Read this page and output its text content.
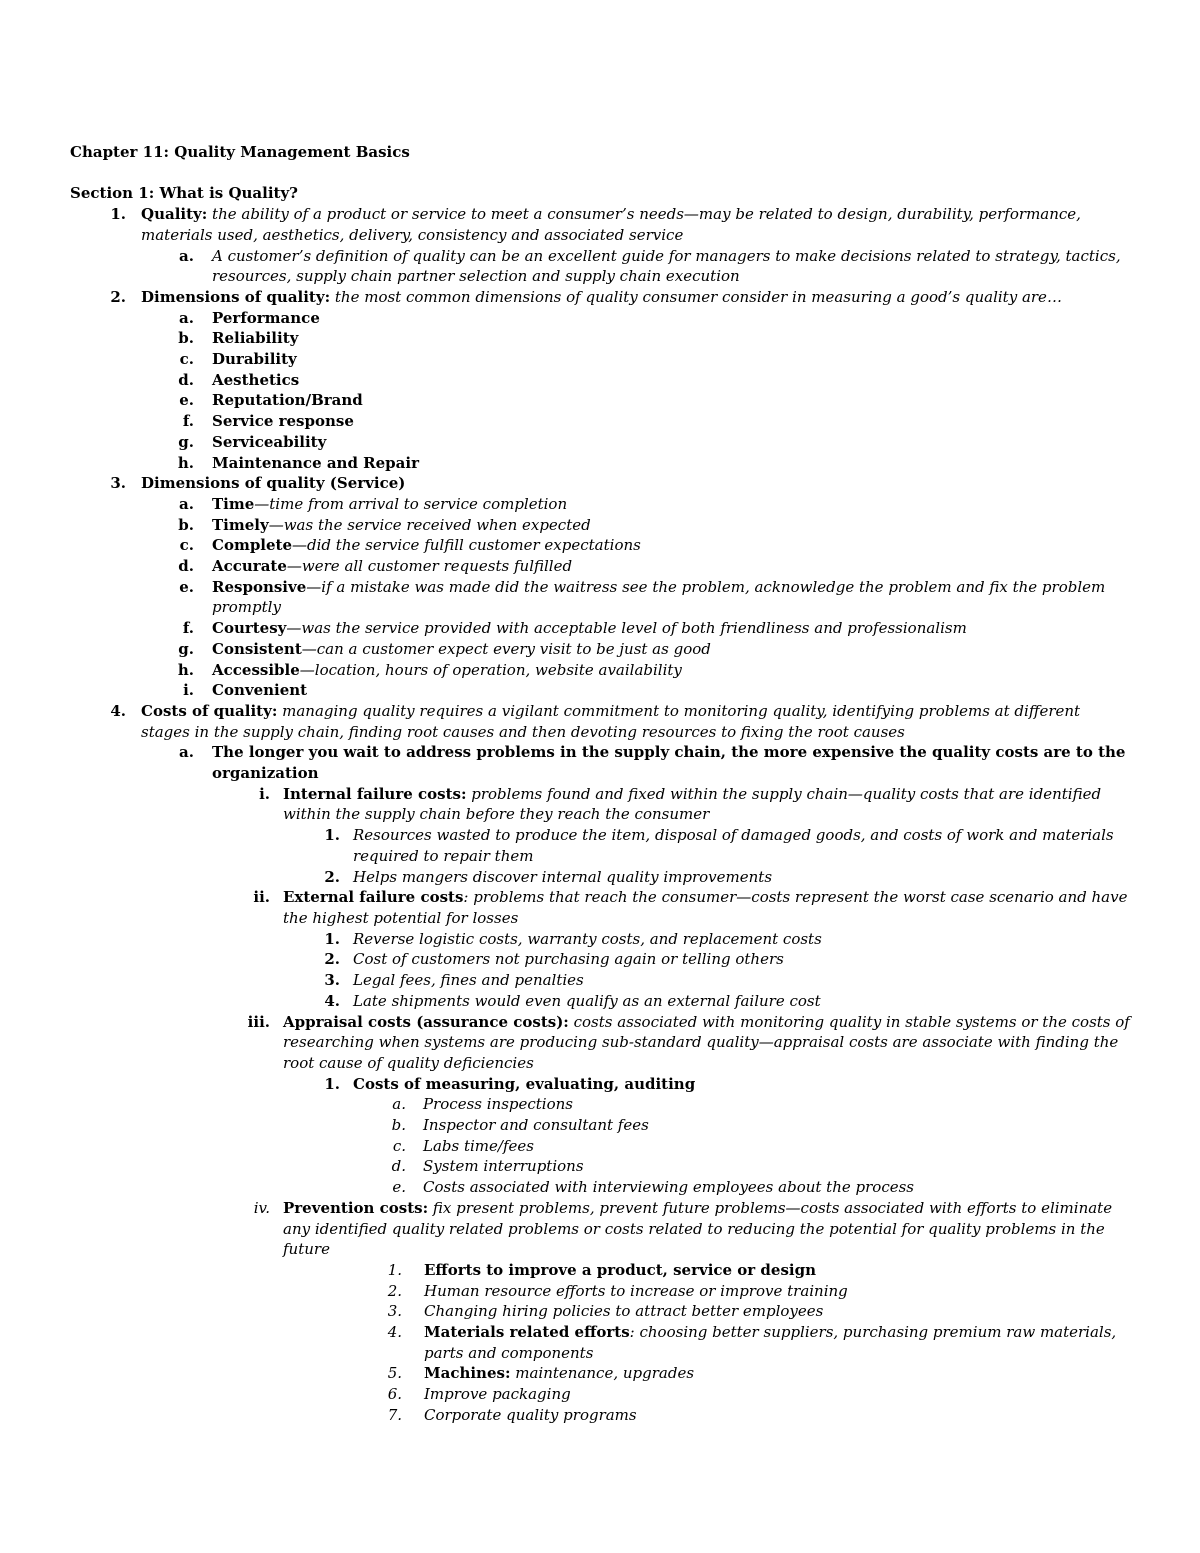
Chapter 11: Quality Management Basics
Section 1: What is Quality?
1. Quality: the ability of a product or service to meet a consumer’s needs—may be related to design, durability, performance, materials used, aesthetics, delivery, consistency and associated service
a. A customer’s definition of quality can be an excellent guide for managers to make decisions related to strategy, tactics, resources, supply chain partner selection and supply chain execution
2. Dimensions of quality: the most common dimensions of quality consumer consider in measuring a good’s quality are…
a. Performance
b. Reliability
c. Durability
d. Aesthetics
e. Reputation/Brand
f. Service response
g. Serviceability
h. Maintenance and Repair
3. Dimensions of quality (Service)
a. Time—time from arrival to service completion
b. Timely—was the service received when expected
c. Complete—did the service fulfill customer expectations
d. Accurate—were all customer requests fulfilled
e. Responsive—if a mistake was made did the waitress see the problem, acknowledge the problem and fix the problem promptly
f. Courtesy—was the service provided with acceptable level of both friendliness and professionalism
g. Consistent—can a customer expect every visit to be just as good
h. Accessible—location, hours of operation, website availability
i. Convenient
4. Costs of quality: managing quality requires a vigilant commitment to monitoring quality, identifying problems at different stages in the supply chain, finding root causes and then devoting resources to fixing the root causes
a. The longer you wait to address problems in the supply chain, the more expensive the quality costs are to the organization
i. Internal failure costs: problems found and fixed within the supply chain—quality costs that are identified within the supply chain before they reach the consumer
1. Resources wasted to produce the item, disposal of damaged goods, and costs of work and materials required to repair them
2. Helps mangers discover internal quality improvements
ii. External failure costs: problems that reach the consumer—costs represent the worst case scenario and have the highest potential for losses
1. Reverse logistic costs, warranty costs, and replacement costs
2. Cost of customers not purchasing again or telling others
3. Legal fees, fines and penalties
4. Late shipments would even qualify as an external failure cost
iii. Appraisal costs (assurance costs): costs associated with monitoring quality in stable systems or the costs of researching when systems are producing sub-standard quality—appraisal costs are associate with finding the root cause of quality deficiencies
1. Costs of measuring, evaluating, auditing
a. Process inspections
b. Inspector and consultant fees
c. Labs time/fees
d. System interruptions
e. Costs associated with interviewing employees about the process
iv. Prevention costs: fix present problems, prevent future problems—costs associated with efforts to eliminate any identified quality related problems or costs related to reducing the potential for quality problems in the future
1. Efforts to improve a product, service or design
2. Human resource efforts to increase or improve training
3. Changing hiring policies to attract better employees
4. Materials related efforts: choosing better suppliers, purchasing premium raw materials, parts and components
5. Machines: maintenance, upgrades
6. Improve packaging
7. Corporate quality programs
